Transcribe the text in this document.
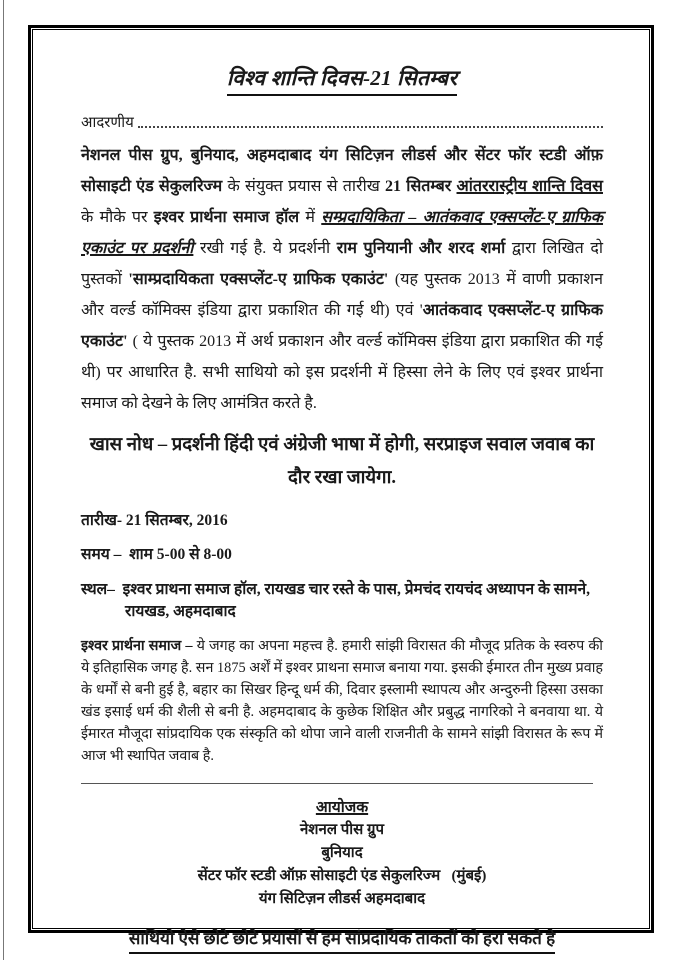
विश्व शान्ति दिवस-21 सितम्बर
आदरणीय

नेशनल पीस ग्रुप, बुनियाद, अहमदाबाद यंग सिटिज़न लीडर्स और सेंटर फॉर स्टडी ऑफ़ सोसाइटी एंड सेकुलरिज्म के संयुक्त प्रयास से तारीख 21 सितम्बर आंतररास्ट्रीय शान्ति दिवस के मौके पर इश्वर प्रार्थना समाज हॉल में सम्प्रदायिकिता – आतंकवाद एक्सप्लेंट-ए ग्राफिक एकाउंट पर प्रदर्शनी रखी गई है. ये प्रदर्शनी राम पुनियानी और शरद शर्मा द्वारा लिखित दो पुस्तकों 'साम्प्रदायिकता एक्सप्लेंट-ए ग्राफिक एकाउंट' (यह पुस्तक 2013 में वाणी प्रकाशन और वर्ल्ड कॉमिक्स इंडिया द्वारा प्रकाशित की गई थी) एवं 'आतंकवाद एक्सप्लेंट-ए ग्राफिक एकाउंट' ( ये पुस्तक 2013 में अर्थ प्रकाशन और वर्ल्ड कॉमिक्स इंडिया द्वारा प्रकाशित की गई थी) पर आधारित है. सभी साथियो को इस प्रदर्शनी में हिस्सा लेने के लिए एवं इश्वर प्रार्थना समाज को देखने के लिए आमंत्रित करते है.

खास नोध – प्रदर्शनी हिंदी एवं अंग्रेजी भाषा में होगी, सरप्राइज सवाल जवाब का दौर रखा जायेगा.
तारीख- 21 सितम्बर, 2016
समय –  शाम 5-00 से 8-00
स्थल–  इश्वर प्राथना समाज हॉल, रायखड चार रस्ते के पास, प्रेमचंद रायचंद अध्यापन के सामने, रायखड, अहमदाबाद

इश्वर प्रार्थना समाज – ये जगह का अपना महत्त्व है. हमारी सांझी विरासत की मौजूद प्रतिक के स्वरुप की ये इतिहासिक जगह है. सन 1875 अर्शें में इश्वर प्राथना समाज बनाया गया. इसकी ईमारत तीन मुख्य प्रवाह के धर्मों से बनी हुई है, बहार का सिखर हिन्दू धर्म की, दिवार इस्लामी स्थापत्य और अन्दुरुनी हिस्सा उसका खंड इसाई धर्म की शैली से बनी है. अहमदाबाद के कुछेक शिक्षित और प्रबुद्ध नागरिको ने बनवाया था. ये ईमारत मौजूदा सांप्रदायिक एक संस्कृति को थोपा जाने वाली राजनीती के सामने सांझी विरासत के रूप में आज भी स्थापित जवाब है.

आयोजक
नेशनल पीस ग्रुप
बुनियाद
सेंटर फॉर स्टडी ऑफ़ सोसाइटी एंड सेकुलरिज्म   (मुंबई)
यंग सिटिज़न लीडर्स अहमदाबाद
साथियो ऐसे छोटे छोटे प्रयासों से हम सांप्रदायिक ताकतों को हरा सकते हे
